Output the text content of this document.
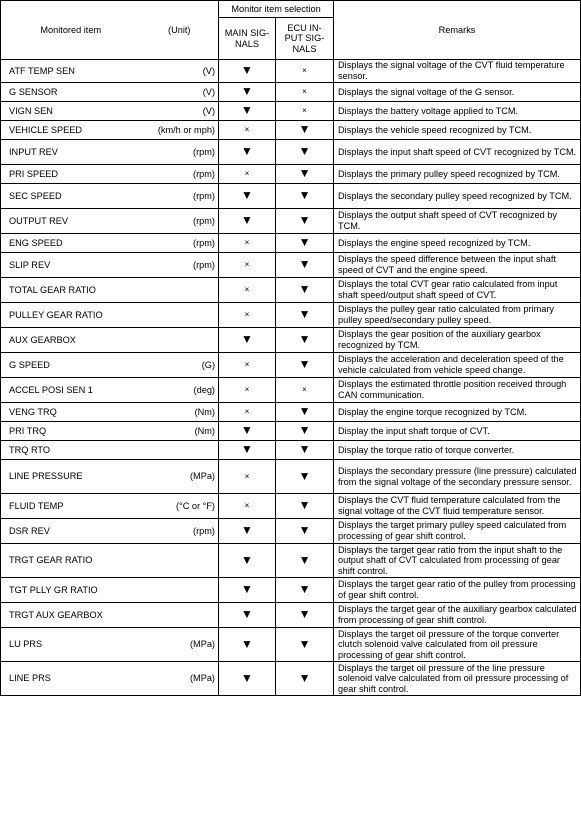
Monitored item	(Unit)	Monitor item selection		Remarks
		MAIN SIG-
NALS	ECU IN-
PUT SIG-
NALS	
ATF TEMP SEN	(V)	▼	×	Displays the signal voltage of the CVT fluid temperature sensor.
G SENSOR	(V)	▼	×	Displays the signal voltage of the G sensor.
VIGN SEN	(V)	▼	×	Displays the battery voltage applied to TCM.
VEHICLE SPEED	(km/h or mph)	×	▼	Displays the vehicle speed recognized by TCM.
INPUT REV	(rpm)	▼	▼	Displays the input shaft speed of CVT recognized by TCM.
PRI SPEED	(rpm)	×	▼	Displays the primary pulley speed recognized by TCM.
SEC SPEED	(rpm)	▼	▼	Displays the secondary pulley speed recognized by TCM.
OUTPUT REV	(rpm)	▼	▼	Displays the output shaft speed of CVT recognized by TCM.
ENG SPEED	(rpm)	×	▼	Displays the engine speed recognized by TCM.
SLIP REV	(rpm)	×	▼	Displays the speed difference between the input shaft speed of CVT and the engine speed.
TOTAL GEAR RATIO		×	▼	Displays the total CVT gear ratio calculated from input shaft speed/output shaft speed of CVT.
PULLEY GEAR RATIO		×	▼	Displays the pulley gear ratio calculated from primary pulley speed/secondary pulley speed.
AUX GEARBOX		▼	▼	Displays the gear position of the auxiliary gearbox recognized by TCM.
G SPEED	(G)	×	▼	Displays the acceleration and deceleration speed of the vehicle calculated from vehicle speed change.
ACCEL POSI SEN 1	(deg)	×	×	Displays the estimated throttle position received through CAN communication.
VENG TRQ	(Nm)	×	▼	Display the engine torque recognized by TCM.
PRI TRQ	(Nm)	▼	▼	Display the input shaft torque of CVT.
TRQ RTO		▼	▼	Display the torque ratio of torque converter.
LINE PRESSURE	(MPa)	×	▼	Displays the secondary pressure (line pressure) calculated from the signal voltage of the secondary pressure sensor.
FLUID TEMP	(°C or °F)	×	▼	Displays the CVT fluid temperature calculated from the signal voltage of the CVT fluid temperature sensor.
DSR REV	(rpm)	▼	▼	Displays the target primary pulley speed calculated from processing of gear shift control.
TRGT GEAR RATIO		▼	▼	Displays the target gear ratio from the input shaft to the output shaft of CVT calculated from processing of gear shift control.
TGT PLLY GR RATIO		▼	▼	Displays the target gear ratio of the pulley from processing of gear shift control.
TRGT AUX GEARBOX		▼	▼	Displays the target gear of the auxiliary gearbox calculated from processing of gear shift control.
LU PRS	(MPa)	▼	▼	Displays the target oil pressure of the torque converter clutch solenoid valve calculated from oil pressure processing of gear shift control.
LINE PRS	(MPa)	▼	▼	Displays the target oil pressure of the line pressure solenoid valve calculated from oil pressure processing of gear shift control.
